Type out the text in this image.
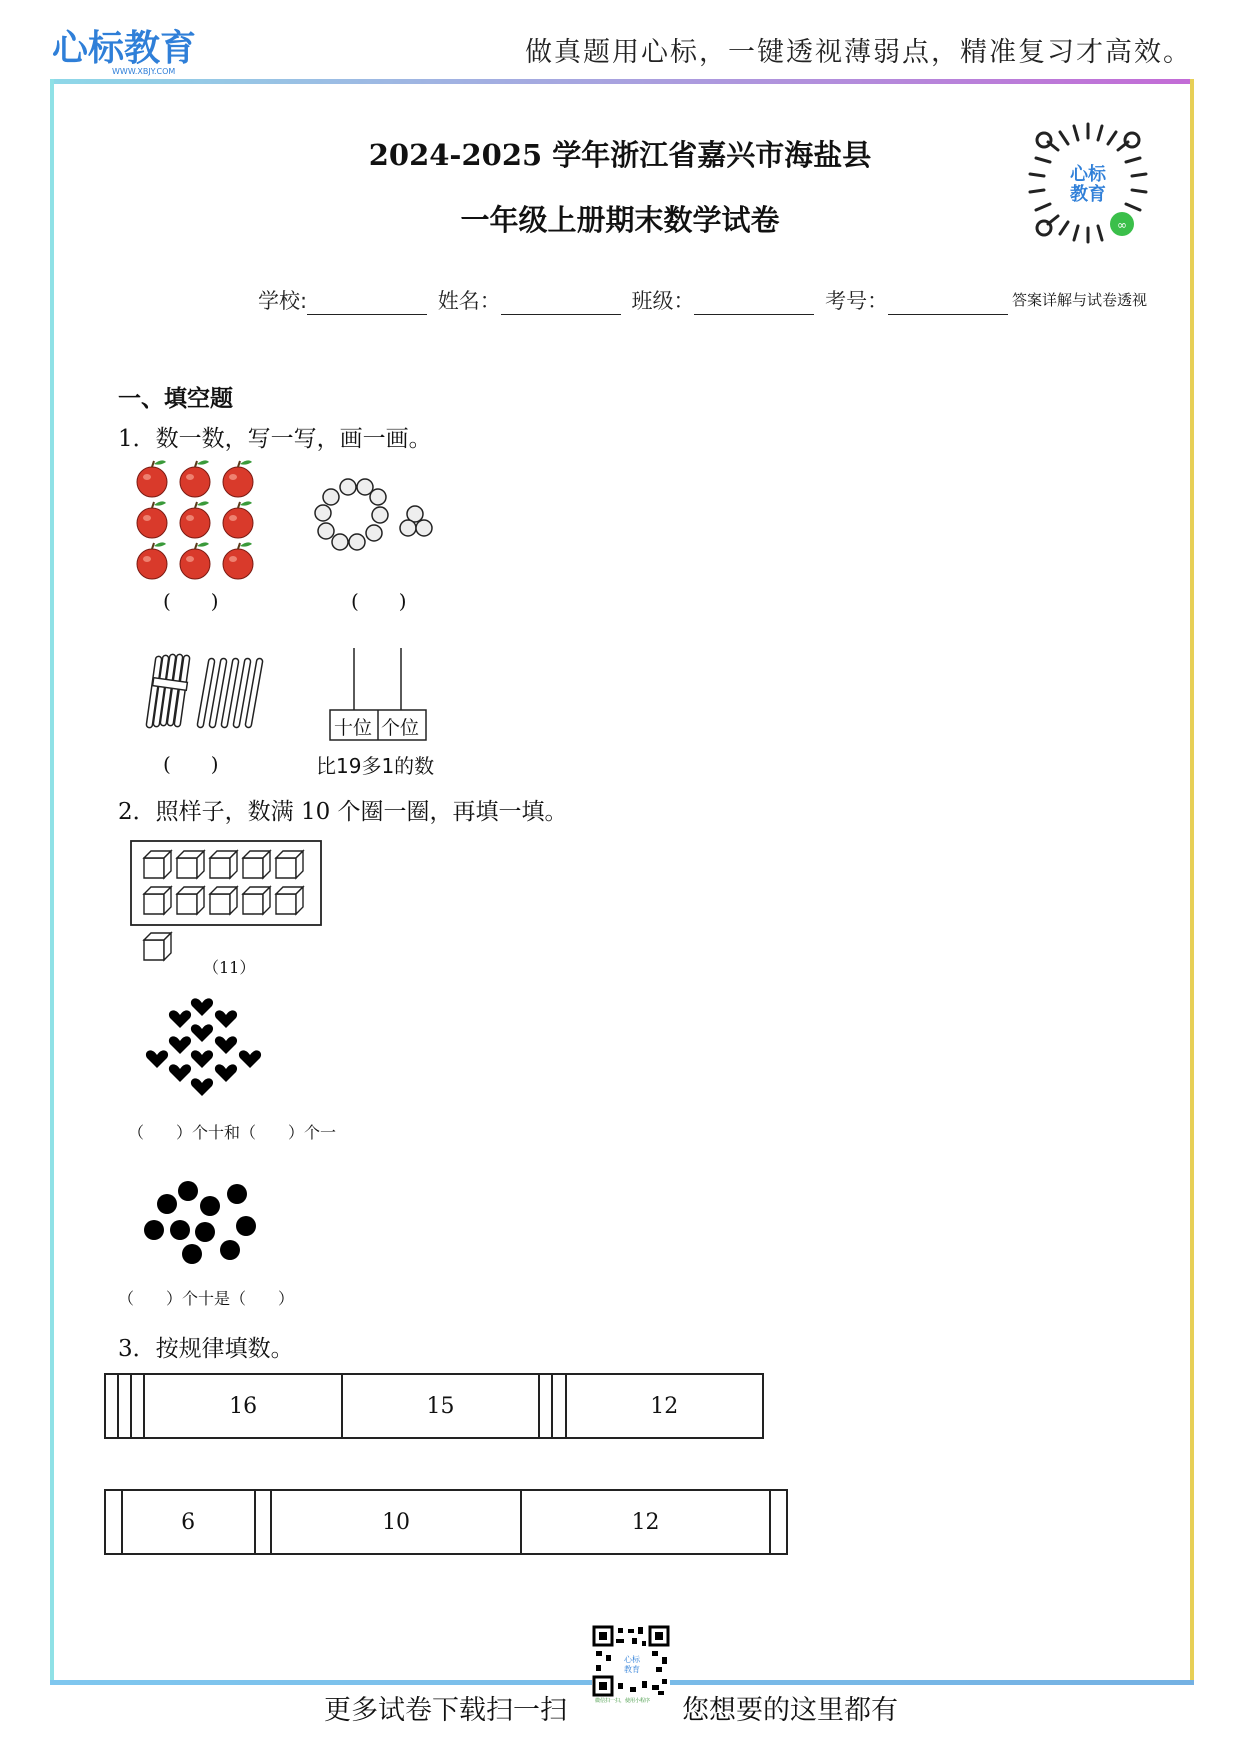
心标教育
WWW.XBJY.COM
做真题用心标，一键透视薄弱点，精准复习才高效。
2024-2025 学年浙江省嘉兴市海盐县
一年级上册期末数学试卷
心标
教育
∞
答案详解与试卷透视
学校:	姓名：	班级：	考号：
一、填空题
1．数一数，写一写，画一画。
(　　)	(　　)
(　　)
十位 个位
比19多1的数
2．照样子，数满 10 个圈一圈，再填一填。
（11）
（　　）个十和（　　）个一
（　　）个十是（　　）
3．按规律填数。
			16	15			12
	6		10	12	
更多试卷下载扫一扫
心标
教育
微信扫一扫，使用小程序 您想要的这里都有
